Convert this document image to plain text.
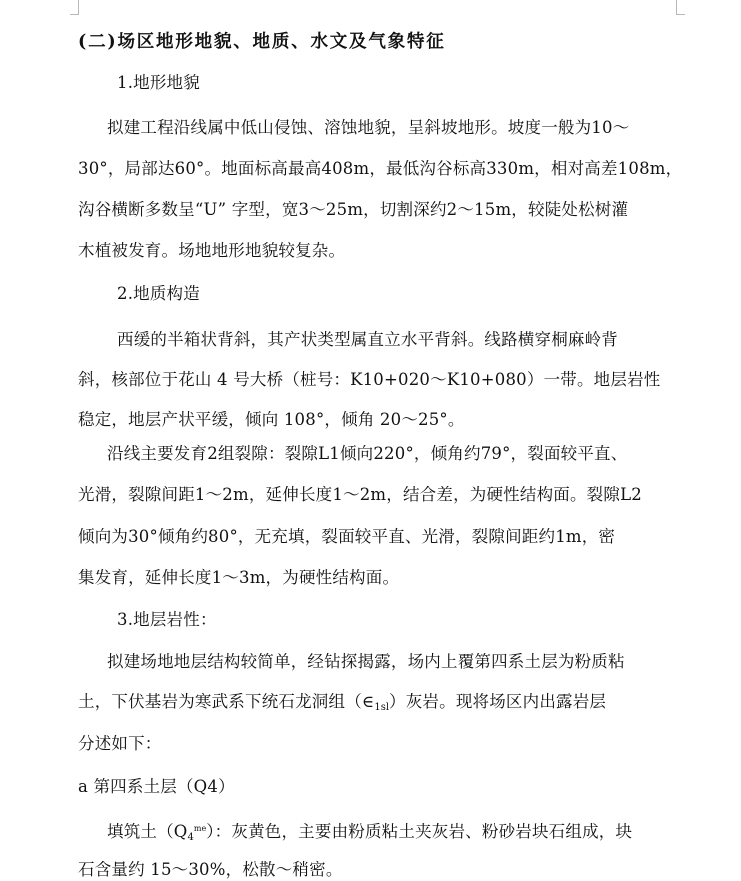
(二)场区地形地貌、地质、水文及气象特征
1.地形地貌
拟建工程沿线属中低山侵蚀、溶蚀地貌，呈斜坡地形。坡度一般为10～
30°，局部达60°。地面标高最高408m，最低沟谷标高330m，相对高差108m，
沟谷横断多数呈“U” 字型，宽3～25m，切割深约2～15m，较陡处松树灌
木植被发育。场地地形地貌较复杂。
2.地质构造
西缓的半箱状背斜，其产状类型属直立水平背斜。线路横穿桐麻岭背
斜，核部位于花山 4 号大桥（桩号：K10+020～K10+080）一带。地层岩性
稳定，地层产状平缓，倾向 108°，倾角 20～25°。
沿线主要发育2组裂隙：裂隙L1倾向220°，倾角约79°，裂面较平直、
光滑，裂隙间距1～2m，延伸长度1～2m，结合差，为硬性结构面。裂隙L2
倾向为30°倾角约80°，无充填，裂面较平直、光滑，裂隙间距约1m，密
集发育，延伸长度1～3m，为硬性结构面。
3.地层岩性：
拟建场地地层结构较简单，经钻探揭露，场内上覆第四系土层为粉质粘
土，下伏基岩为寒武系下统石龙洞组$(\in_{1sl})$灰岩。现将场区内出露岩层
分述如下：
a 第四系土层（Q4）
填筑土$(Q_4^{me})$：灰黄色，主要由粉质粘土夹灰岩、粉砂岩块石组成，块
石含量约 15～30%，松散～稍密。
